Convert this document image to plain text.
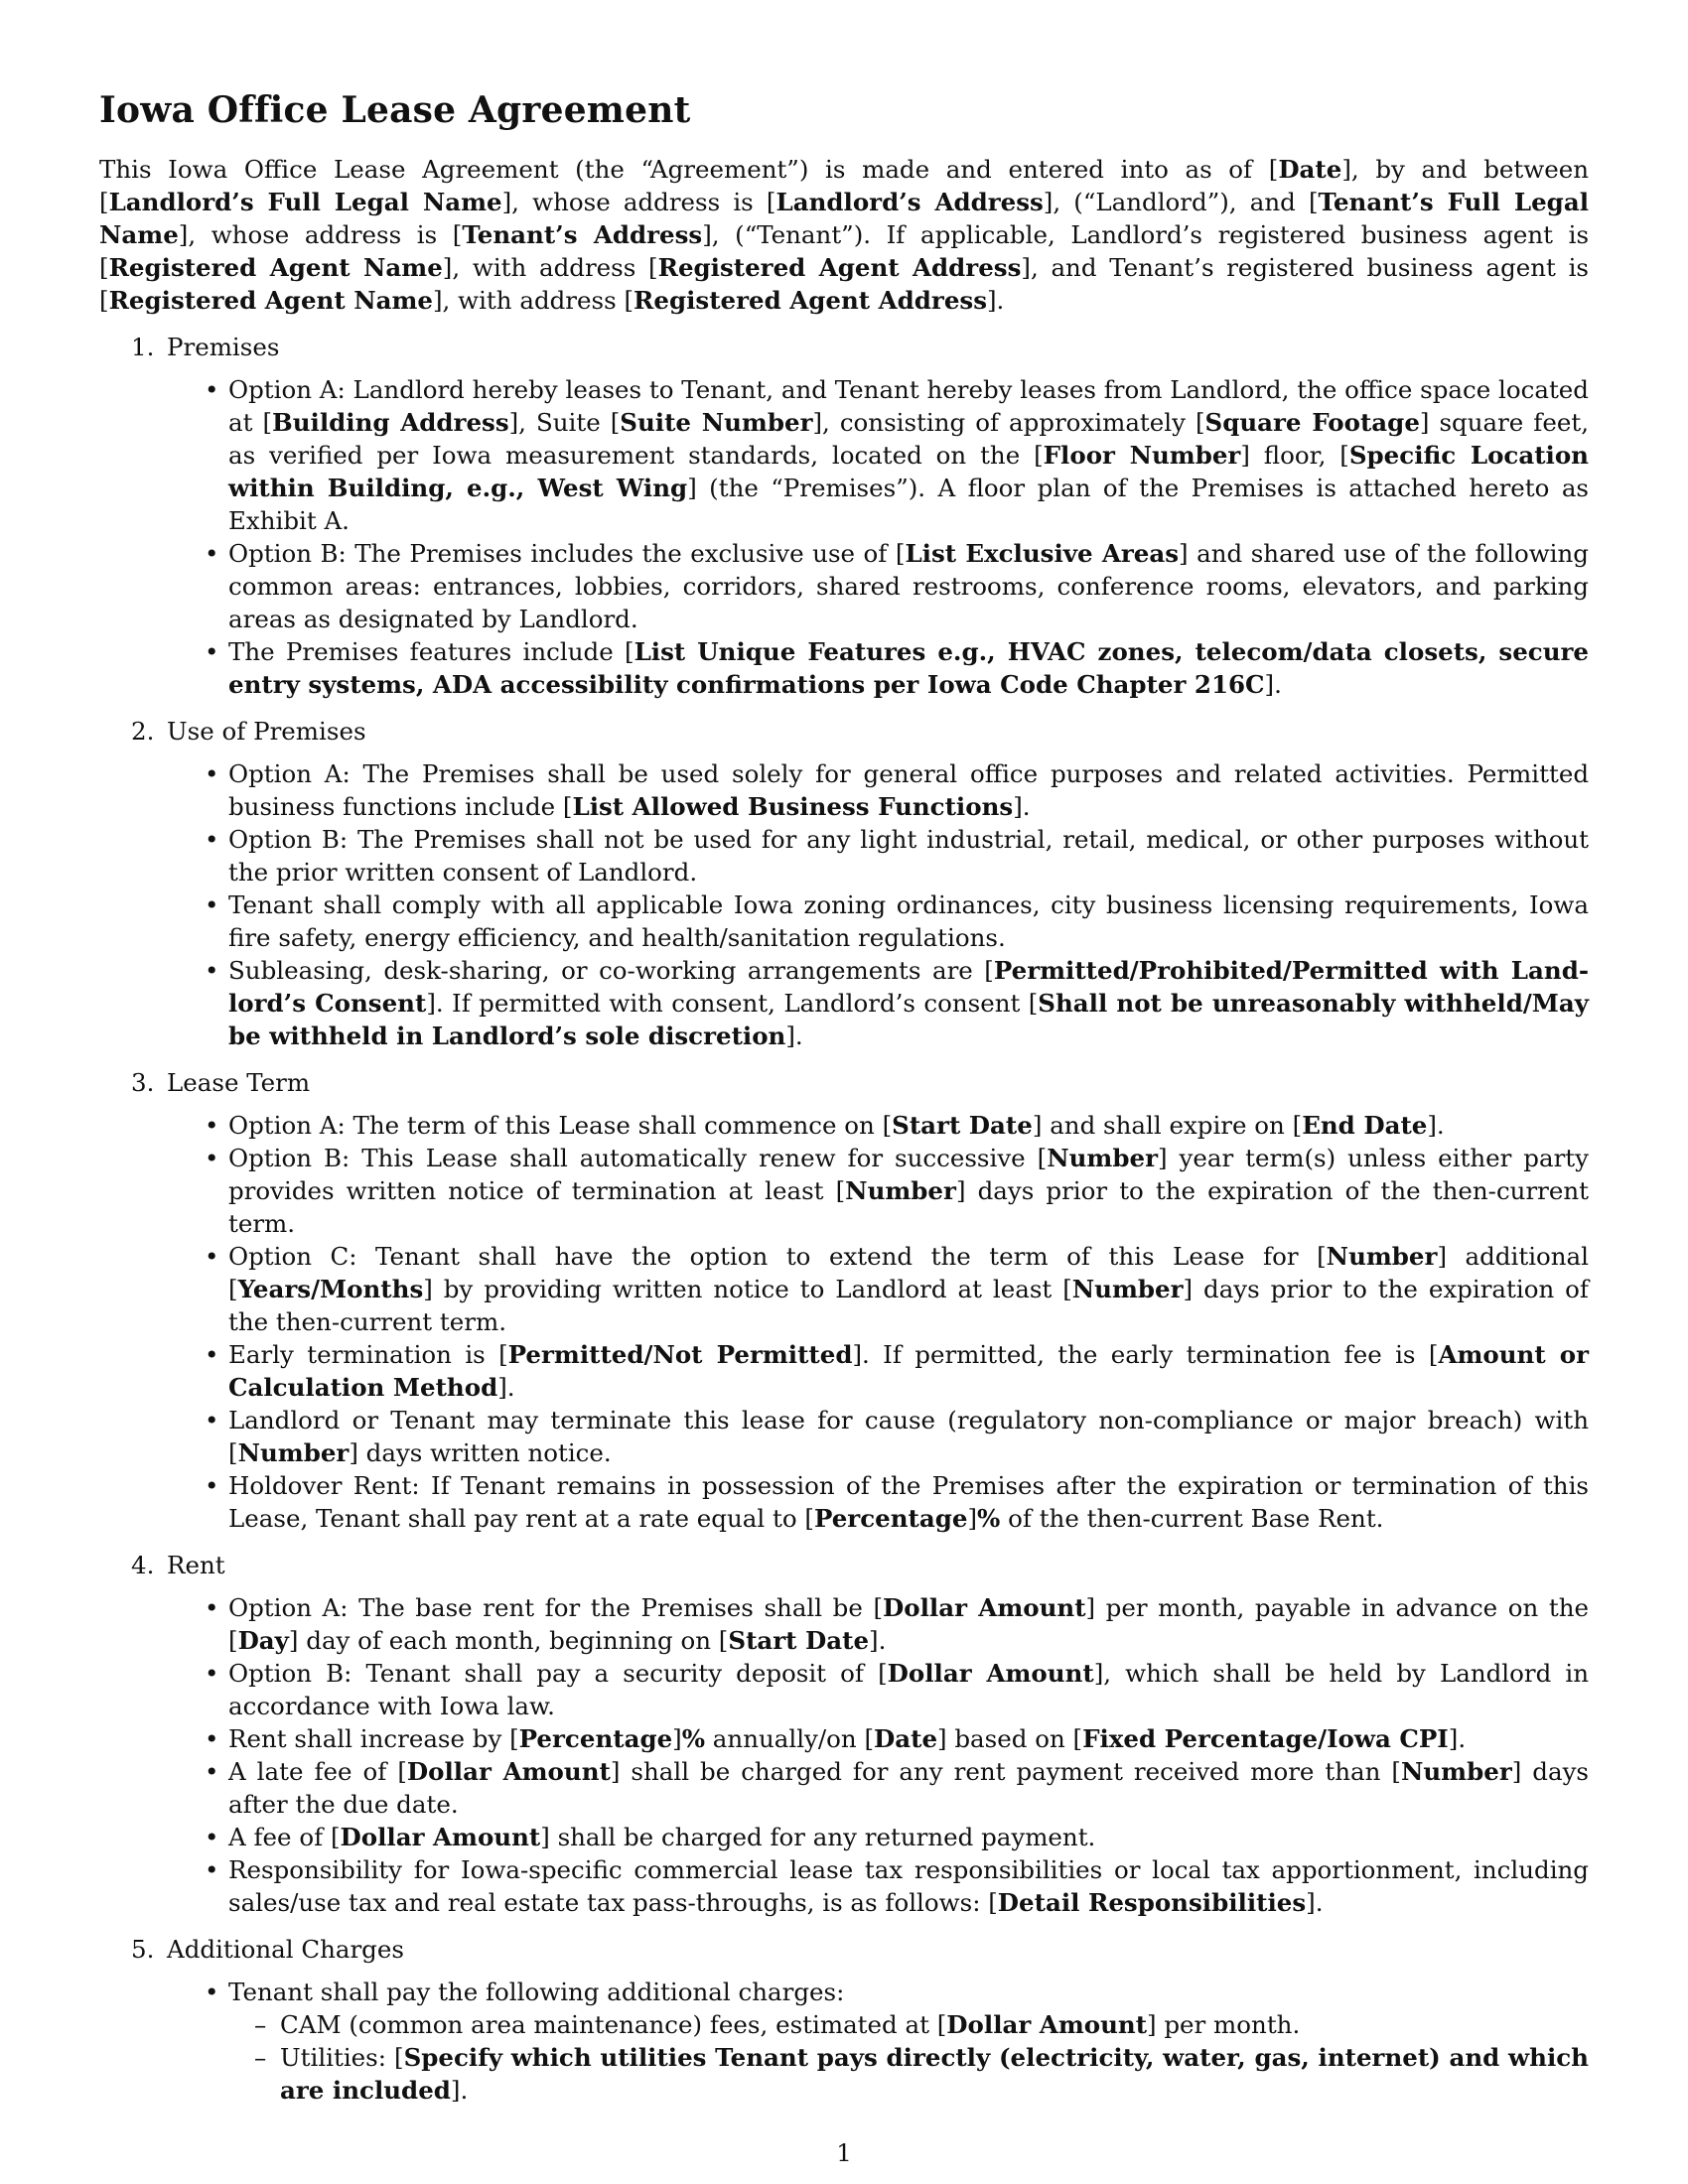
Iowa Office Lease Agreement

This Iowa Office Lease Agreement (the “Agreement”) is made and entered into as of [Date], by and between [Landlord’s Full Legal Name], whose address is [Landlord’s Address], (“Landlord”), and [Tenant’s Full Legal Name], whose address is [Tenant’s Address], (“Tenant”). If applicable, Landlord’s registered business agent is [Registered Agent Name], with address [Registered Agent Address], and Tenant’s registered business agent is [Registered Agent Name], with address [Registered Agent Address].

1. Premises
• Option A: Landlord hereby leases to Tenant, and Tenant hereby leases from Landlord, the office space located at [Building Address], Suite [Suite Number], consisting of approximately [Square Footage] square feet, as verified per Iowa measurement standards, located on the [Floor Number] floor, [Specific Location within Building, e.g., West Wing] (the “Premises”). A floor plan of the Premises is attached hereto as Exhibit A.
• Option B: The Premises includes the exclusive use of [List Exclusive Areas] and shared use of the following common areas: entrances, lobbies, corridors, shared restrooms, conference rooms, elevators, and parking areas as designated by Landlord.
• The Premises features include [List Unique Features e.g., HVAC zones, telecom/data closets, secure entry systems, ADA accessibility confirmations per Iowa Code Chapter 216C].
2. Use of Premises
• Option A: The Premises shall be used solely for general office purposes and related activities. Permitted business functions include [List Allowed Business Functions].
• Option B: The Premises shall not be used for any light industrial, retail, medical, or other purposes without the prior written consent of Landlord.
• Tenant shall comply with all applicable Iowa zoning ordinances, city business licensing requirements, Iowa fire safety, energy efficiency, and health/sanitation regulations.
• Subleasing, desk-sharing, or co-working arrangements are [Permitted/Prohibited/Permitted with Landlord’s Consent]. If permitted with consent, Landlord’s consent [Shall not be unreasonably withheld/May be withheld in Landlord’s sole discretion].
3. Lease Term
• Option A: The term of this Lease shall commence on [Start Date] and shall expire on [End Date].
• Option B: This Lease shall automatically renew for successive [Number] year term(s) unless either party provides written notice of termination at least [Number] days prior to the expiration of the then-current term.
• Option C: Tenant shall have the option to extend the term of this Lease for [Number] additional [Years/Months] by providing written notice to Landlord at least [Number] days prior to the expiration of the then-current term.
• Early termination is [Permitted/Not Permitted]. If permitted, the early termination fee is [Amount or Calculation Method].
• Landlord or Tenant may terminate this lease for cause (regulatory non-compliance or major breach) with [Number] days written notice.
• Holdover Rent: If Tenant remains in possession of the Premises after the expiration or termination of this Lease, Tenant shall pay rent at a rate equal to [Percentage]% of the then-current Base Rent.
4. Rent
• Option A: The base rent for the Premises shall be [Dollar Amount] per month, payable in advance on the [Day] day of each month, beginning on [Start Date].
• Option B: Tenant shall pay a security deposit of [Dollar Amount], which shall be held by Landlord in accordance with Iowa law.
• Rent shall increase by [Percentage]% annually/on [Date] based on [Fixed Percentage/Iowa CPI].
• A late fee of [Dollar Amount] shall be charged for any rent payment received more than [Number] days after the due date.
• A fee of [Dollar Amount] shall be charged for any returned payment.
• Responsibility for Iowa-specific commercial lease tax responsibilities or local tax apportionment, including sales/use tax and real estate tax pass-throughs, is as follows: [Detail Responsibilities].
5. Additional Charges
• Tenant shall pay the following additional charges:
– CAM (common area maintenance) fees, estimated at [Dollar Amount] per month.
– Utilities: [Specify which utilities Tenant pays directly (electricity, water, gas, internet) and which are included].
1
